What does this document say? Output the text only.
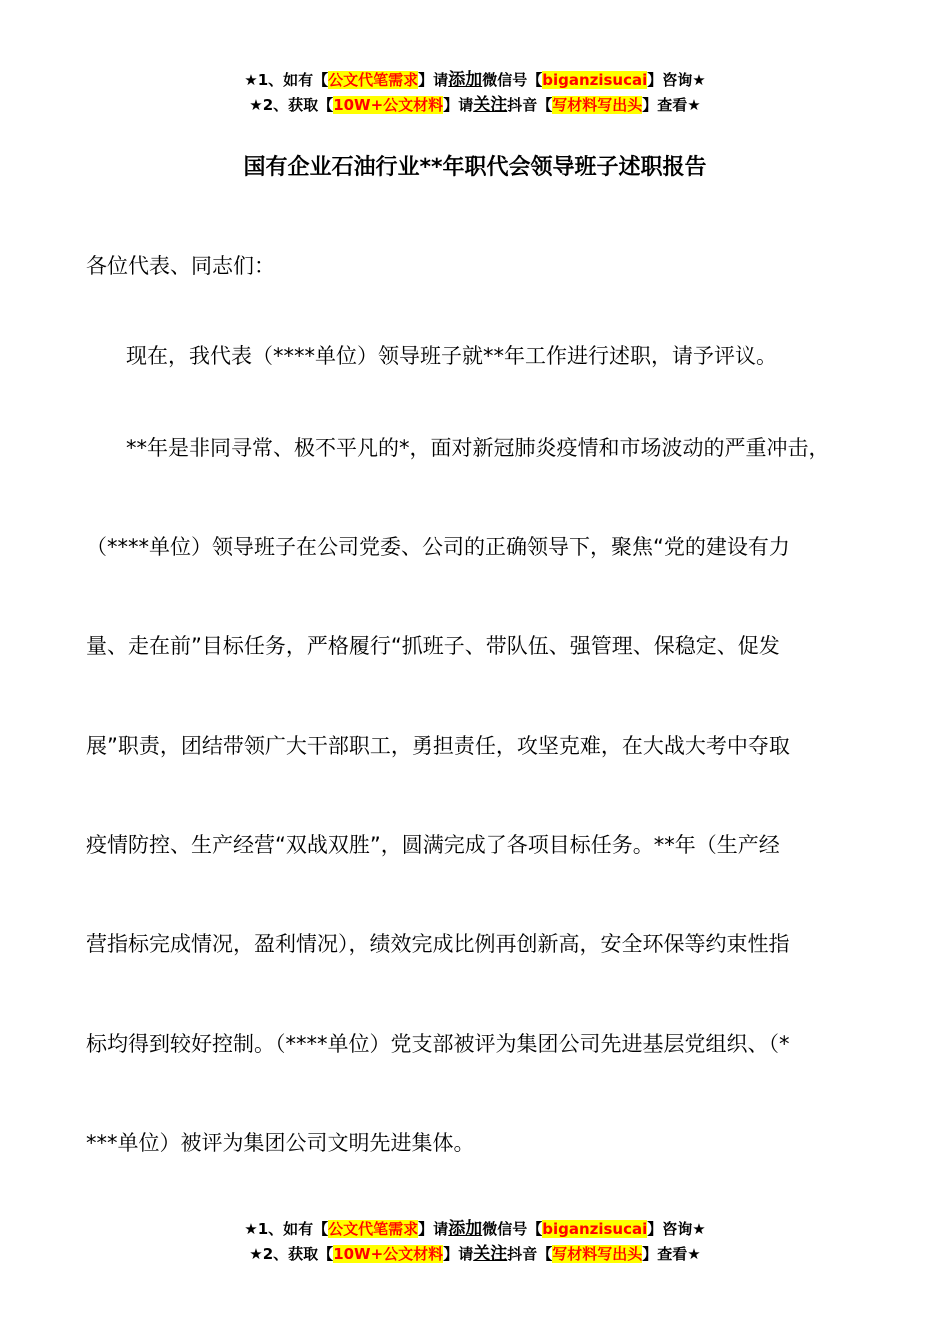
★1、如有【公文代笔需求】请添加微信号【biganzisucai】咨询★
★2、获取【10W+公文材料】请关注抖音【写材料写出头】查看★
国有企业石油行业**年职代会领导班子述职报告
各位代表、同志们：
现在，我代表（****单位）领导班子就**年工作进行述职，请予评议。
**年是非同寻常、极不平凡的*，面对新冠肺炎疫情和市场波动的严重冲击，
（****单位）领导班子在公司党委、公司的正确领导下，聚焦“党的建设有力
量、走在前”目标任务，严格履行“抓班子、带队伍、强管理、保稳定、促发
展”职责，团结带领广大干部职工，勇担责任，攻坚克难，在大战大考中夺取
疫情防控、生产经营“双战双胜”，圆满完成了各项目标任务。**年（生产经
营指标完成情况，盈利情况），绩效完成比例再创新高，安全环保等约束性指
标均得到较好控制。（****单位）党支部被评为集团公司先进基层党组织、（*
***单位）被评为集团公司文明先进集体。
★1、如有【公文代笔需求】请添加微信号【biganzisucai】咨询★
★2、获取【10W+公文材料】请关注抖音【写材料写出头】查看★
